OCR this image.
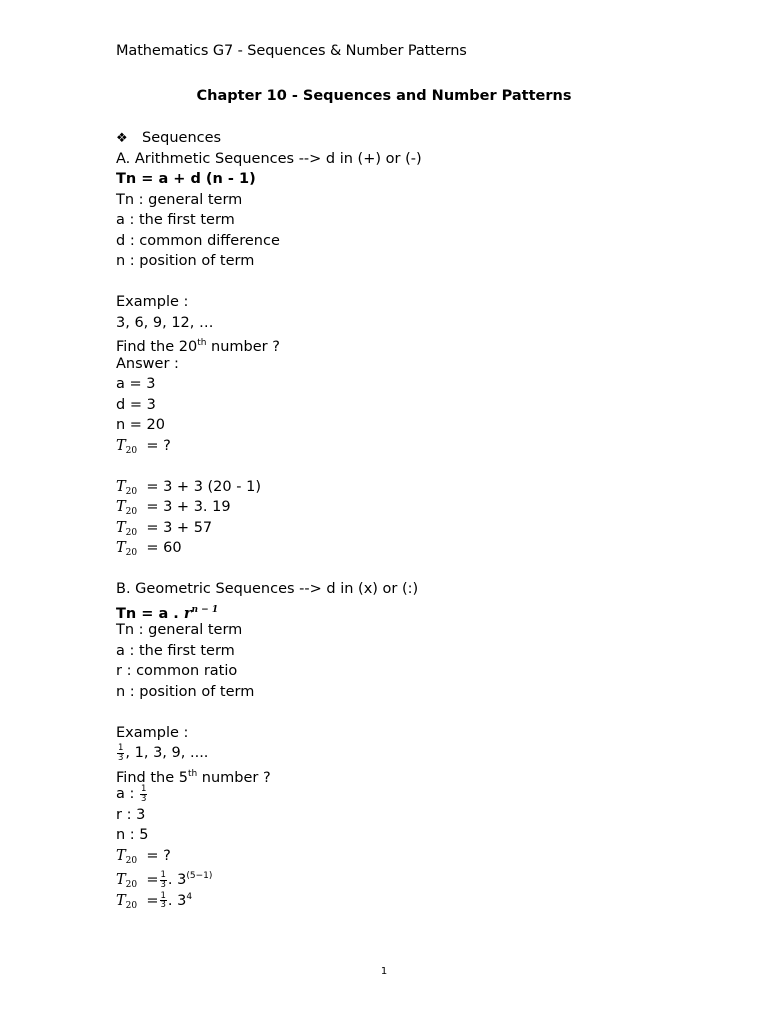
Mathematics G7 - Sequences & Number Patterns
Chapter 10 - Sequences and Number Patterns
❖ Sequences
A. Arithmetic Sequences --> d in (+) or (-)
Tn = a + d (n - 1)
Tn : general term
a : the first term
d : common difference
n : position of term
Example :
3, 6, 9, 12, …
Find the 20th number ?
Answer :
a = 3
d = 3
n = 20
$T_{20}$ = ?
$T_{20} = 3 + 3$ (20 - 1)
$T_{20} = 3 + 3$. 19
$T_{20} = 3 + 57$
$T_{20} = 60$
B. Geometric Sequences --> d in (x) or (:)
Tn = a . $r^{n - 1}$
Tn : general term
a : the first term
r : common ratio
n : position of term
Example :
$\frac{1}{3}$ , 1, 3, 9, ....
Find the 5th number ?
a : $\frac{1}{3}$
r : 3
n : 5
$T_{20}$ = ?
$T_{20} = \frac{1}{3}$ . $3^{(5-1)}$
$T_{20} = \frac{1}{3}$ . $3^4$
1
